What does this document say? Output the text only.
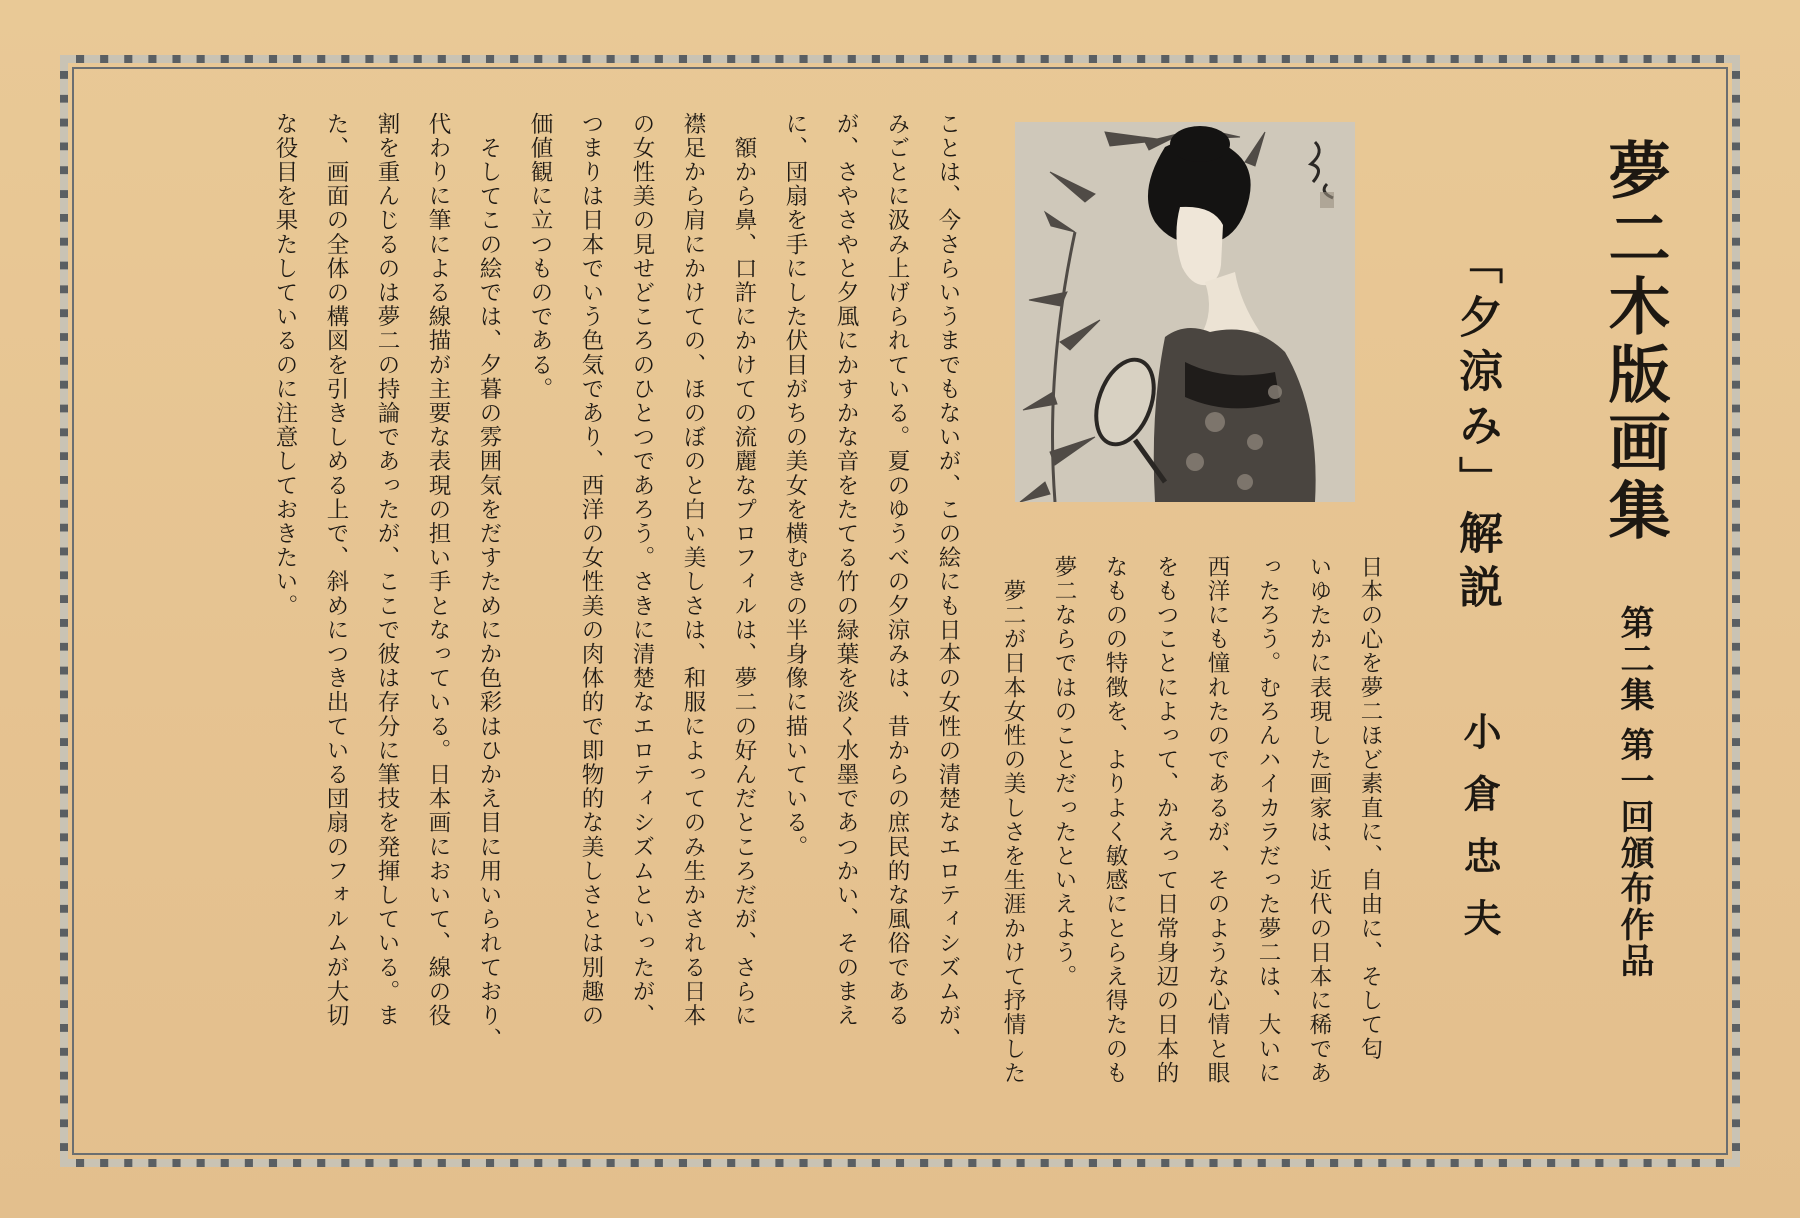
夢二木版画集
「夕涼み」解説
第二集 第一回頒布作品
小倉忠夫

日本の心を夢二ほど素直に、自由に、そして匂

いゆたかに表現した画家は、近代の日本に稀であ

ったろう。むろんハイカラだった夢二は、大いに

西洋にも憧れたのであるが、そのような心情と眼

をもつことによって、かえって日常身辺の日本的

なものの特徴を、よりよく敏感にとらえ得たのも

夢二ならではのことだったといえよう。

　夢二が日本女性の美しさを生涯かけて抒情した

ことは、今さらいうまでもないが、この絵にも日本の女性の清楚なエロティシズムが、

みごとに汲み上げられている。夏のゆうべの夕涼みは、昔からの庶民的な風俗である

が、さやさやと夕風にかすかな音をたてる竹の緑葉を淡く水墨であつかい、そのまえ

に、団扇を手にした伏目がちの美女を横むきの半身像に描いている。

　額から鼻、口許にかけての流麗なプロフィルは、夢二の好んだところだが、さらに

襟足から肩にかけての、ほのぼのと白い美しさは、和服によってのみ生かされる日本

の女性美の見せどころのひとつであろう。さきに清楚なエロティシズムといったが、

つまりは日本でいう色気であり、西洋の女性美の肉体的で即物的な美しさとは別趣の

価値観に立つものである。

　そしてこの絵では、夕暮の雰囲気をだすためにか色彩はひかえ目に用いられており、

代わりに筆による線描が主要な表現の担い手となっている。日本画において、線の役

割を重んじるのは夢二の持論であったが、ここで彼は存分に筆技を発揮している。ま

た、画面の全体の構図を引きしめる上で、斜めにつき出ている団扇のフォルムが大切

な役目を果たしているのに注意しておきたい。
